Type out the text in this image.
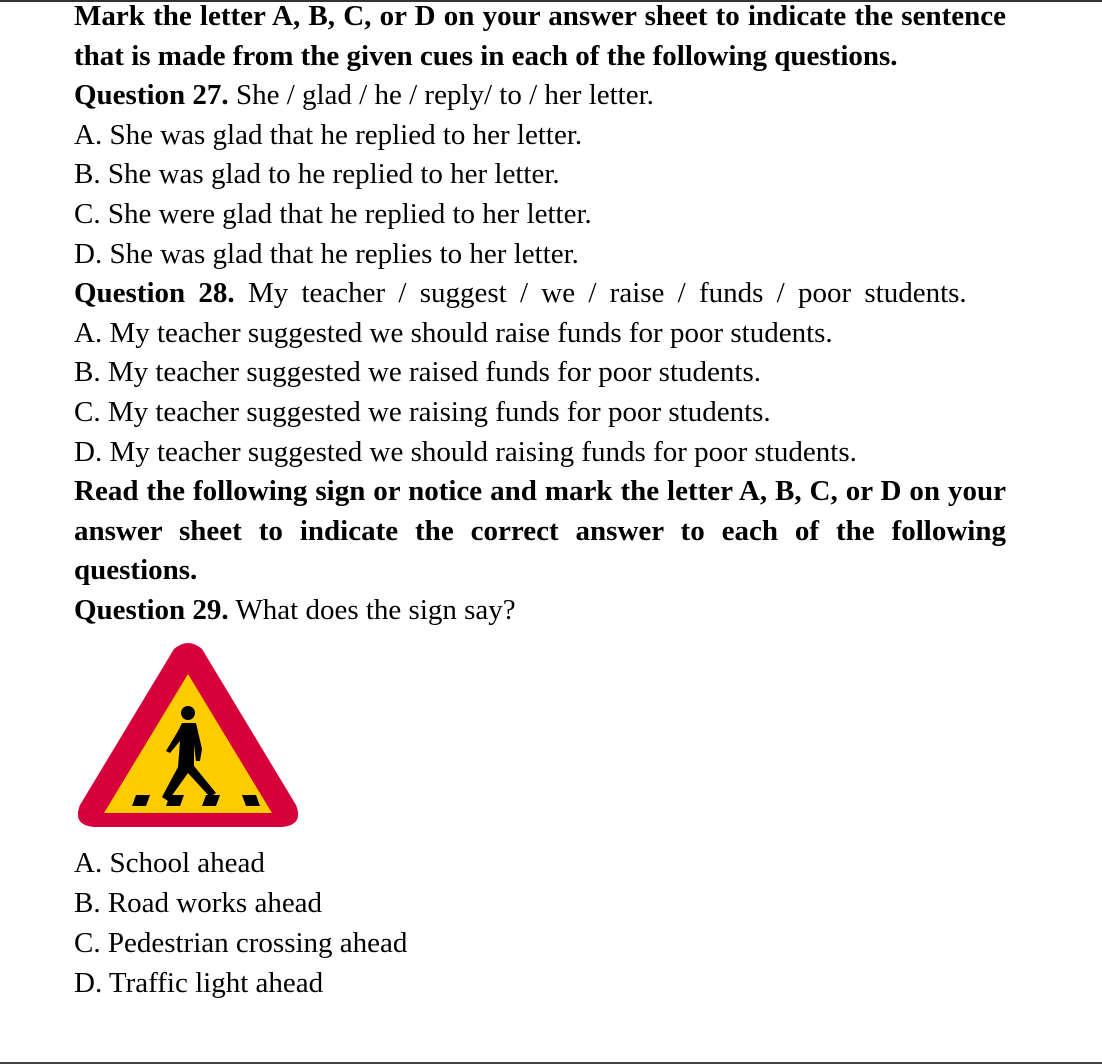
Mark the letter A, B, C, or D on your answer sheet to indicate the sentence that is made from the given cues in each of the following questions.

Question 27. She / glad / he / reply/ to / her letter.

A. She was glad that he replied to her letter.

B. She was glad to he replied to her letter.

C. She were glad that he replied to her letter.

D. She was glad that he replies to her letter.

Question 28. My teacher / suggest / we / raise / funds / poor students.

A. My teacher suggested we should raise funds for poor students.

B. My teacher suggested we raised funds for poor students.

C. My teacher suggested we raising funds for poor students.

D. My teacher suggested we should raising funds for poor students.

Read the following sign or notice and mark the letter A, B, C, or D on your answer sheet to indicate the correct answer to each of the following questions.

Question 29. What does the sign say?

A. School ahead

B. Road works ahead

C. Pedestrian crossing ahead

D. Traffic light ahead
